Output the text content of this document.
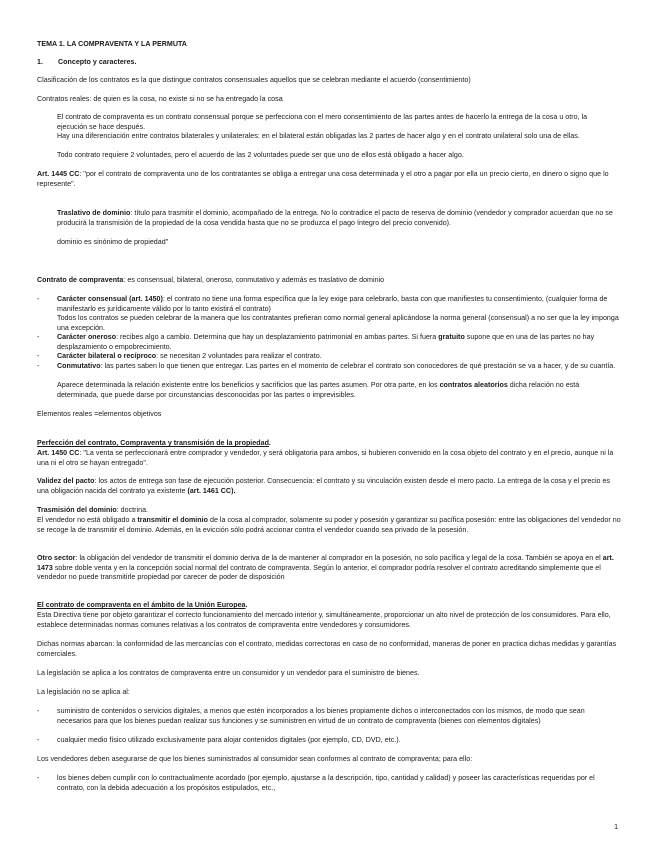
TEMA 1. LA COMPRAVENTA Y LA PERMUTA
1. Concepto y caracteres.
Clasificación de los contratos es la que distingue contratos consensuales aquellos que se celebran mediante el acuerdo (consentimiento)
Contratos reales: de quien es la cosa, no existe si no se ha entregado la cosa
El contrato de compraventa es un contrato consensual porque se perfecciona con el mero consentimiento de las partes antes de hacerlo la entrega de la cosa u otro, la ejecución se hace después.
Hay una diferenciación entre contratos bilaterales y unilaterales: en el bilateral están obligadas las 2 partes de hacer algo y en el contrato unilateral solo una de ellas.
Todo contrato requiere 2 voluntades, pero el acuerdo de las 2 voluntades puede ser que uno de ellos está obligado a hacer algo.
Art. 1445 CC: "por el contrato de compraventa uno de los contratantes se obliga a entregar una cosa determinada y el otro a pagar por ella un precio cierto, en dinero o signo que lo represente".
Traslativo de dominio: título para trasmitir el dominio, acompañado de la entrega. No lo contradice el pacto de reserva de dominio (vendedor y comprador acuerdan que no se producirá la transmisión de la propiedad de la cosa vendida hasta que no se produzca el pago íntegro del precio convenido).
dominio es sinónimo de propiedad"
Contrato de compraventa: es consensual, bilateral, oneroso, conmutativo y además es traslativo de dominio
- Carácter consensual (art. 1450): el contrato no tiene una forma específica que la ley exige para celebrarlo, basta con que manifiestes tu consentimiento, (cualquier forma de manifestarlo es jurídicamente válido por lo tanto existirá el contrato)
Todos los contratos se pueden celebrar de la manera que los contratantes prefieran como normal general aplicándose la norma general (consensual) a no ser que la ley imponga una excepción.
- Carácter oneroso: recibes algo a cambio. Determina que hay un desplazamiento patrimonial en ambas partes. Si fuera gratuito supone que en una de las partes no hay desplazamiento o empobrecimiento.
- Carácter bilateral o recíproco: se necesitan 2 voluntades para realizar el contrato.
- Conmutativo: las partes saben lo que tienen que entregar. Las partes en el momento de celebrar el contrato son conocedores de qué prestación se va a hacer, y de su cuantía.
Aparece determinada la relación existente entre los beneficios y sacrificios que las partes asumen. Por otra parte, en los contratos aleatorios dicha relación no está determinada, que puede darse por circunstancias desconocidas por las partes o imprevisibles.
Elementos reales =elementos objetivos
Perfección del contrato, Compraventa y transmisión de la propiedad.
Art. 1450 CC: "La venta se perfeccionará entre comprador y vendedor, y será obligatoria para ambos, si hubieren convenido en la cosa objeto del contrato y en el precio, aunque ni la una ni el otro se hayan entregado".
Validez del pacto: los actos de entrega son fase de ejecución posterior. Consecuencia: el contrato y su vinculación existen desde el mero pacto. La entrega de la cosa y el precio es una obligación nacida del contrato ya existente (art. 1461 CC).
Trasmisión del dominio: doctrina.
El vendedor no está obligado a transmitir el dominio de la cosa al comprador, solamente su poder y posesión y garantizar su pacífica posesión: entre las obligaciones del vendedor no se recoge la de transmitir el dominio. Además, en la evicción sólo podrá accionar contra el vendedor cuando sea privado de la posesión.
Otro sector: la obligación del vendedor de transmitir el dominio deriva de la de mantener al comprador en la posesión, no solo pacífica y legal de la cosa. También se apoya en el art. 1473 sobre doble venta y en la concepción social normal del contrato de compraventa. Según lo anterior, el comprador podría resolver el contrato acreditando simplemente que el vendedor no puede transmitirle propiedad por carecer de poder de disposición
El contrato de compraventa en el ámbito de la Unión Europea.
Esta Directiva tiene por objeto garantizar el correcto funcionamiento del mercado interior y, simultáneamente, proporcionar un alto nivel de protección de los consumidores. Para ello, establece determinadas normas comunes relativas a los contratos de compraventa entre vendedores y consumidores.
Dichas normas abarcan: la conformidad de las mercancías con el contrato, medidas correctoras en caso de no conformidad, maneras de poner en practica dichas medidas y garantías comerciales.
La legislación se aplica a los contratos de compraventa entre un consumidor y un vendedor para el suministro de bienes.
La legislación no se aplica al:
- suministro de contenidos o servicios digitales, a menos que estén incorporados a los bienes propiamente dichos o interconectados con los mismos, de modo que sean necesarios para que los bienes puedan realizar sus funciones y se suministren en virtud de un contrato de compraventa (bienes con elementos digitales)
- cualquier medio físico utilizado exclusivamente para alojar contenidos digitales (por ejemplo, CD, DVD, etc.).
Los vendedores deben asegurarse de que los bienes suministrados al consumidor sean conformes al contrato de compraventa; para ello:
- los bienes deben cumplir con lo contractualmente acordado (por ejemplo, ajustarse a la descripción, tipo, cantidad y calidad) y poseer las características requeridas por el contrato, con la debida adecuación a los propósitos estipulados, etc.,
1
